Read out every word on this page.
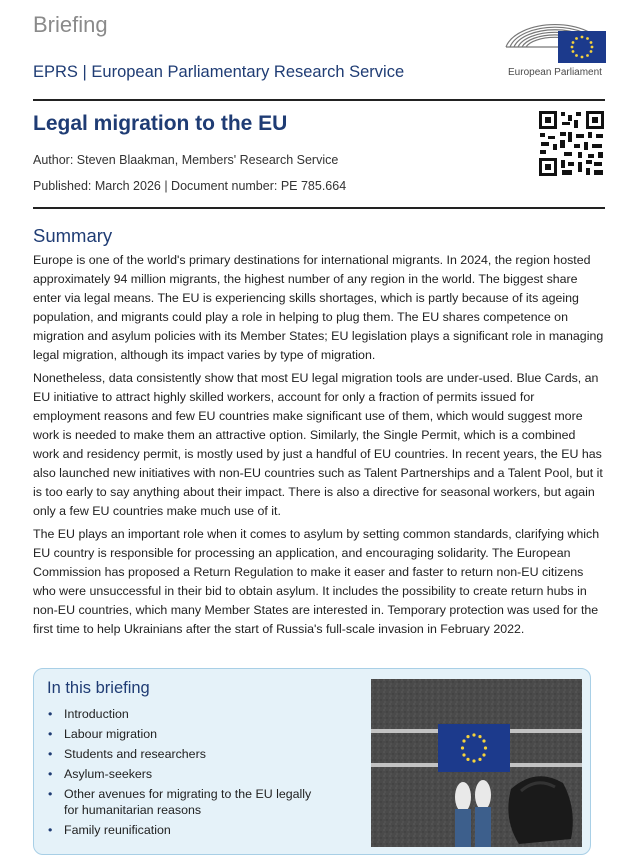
Briefing
EPRS | European Parliamentary Research Service	European Parliament
Legal migration to the EU
Author: Steven Blaakman, Members' Research Service
Published: March 2026 | Document number: PE 785.664
Summary

Europe is one of the world's primary destinations for international migrants. In 2024, the region hosted approximately 94 million migrants, the highest number of any region in the world. The biggest share enter via legal means. The EU is experiencing skills shortages, which is partly because of its ageing population, and migrants could play a role in helping to plug them. The EU shares competence on migration and asylum policies with its Member States; EU legislation plays a significant role in managing legal migration, although its impact varies by type of migration.

Nonetheless, data consistently show that most EU legal migration tools are under-used. Blue Cards, an EU initiative to attract highly skilled workers, account for only a fraction of permits issued for employment reasons and few EU countries make significant use of them, which would suggest more work is needed to make them an attractive option. Similarly, the Single Permit, which is a combined work and residency permit, is mostly used by just a handful of EU countries. In recent years, the EU has also launched new initiatives with non-EU countries such as Talent Partnerships and a Talent Pool, but it is too early to say anything about their impact. There is also a directive for seasonal workers, but again only a few EU countries make much use of it.

The EU plays an important role when it comes to asylum by setting common standards, clarifying which EU country is responsible for processing an application, and encouraging solidarity. The European Commission has proposed a Return Regulation to make it easer and faster to return non-EU citizens who were unsuccessful in their bid to obtain asylum. It includes the possibility to create return hubs in non-EU countries, which many Member States are interested in. Temporary protection was used for the first time to help Ukrainians after the start of Russia's full-scale invasion in February 2022.

In this briefing
• Introduction
• Labour migration
• Students and researchers
• Asylum-seekers
• Other avenues for migrating to the EU legally for humanitarian reasons
• Family reunification
